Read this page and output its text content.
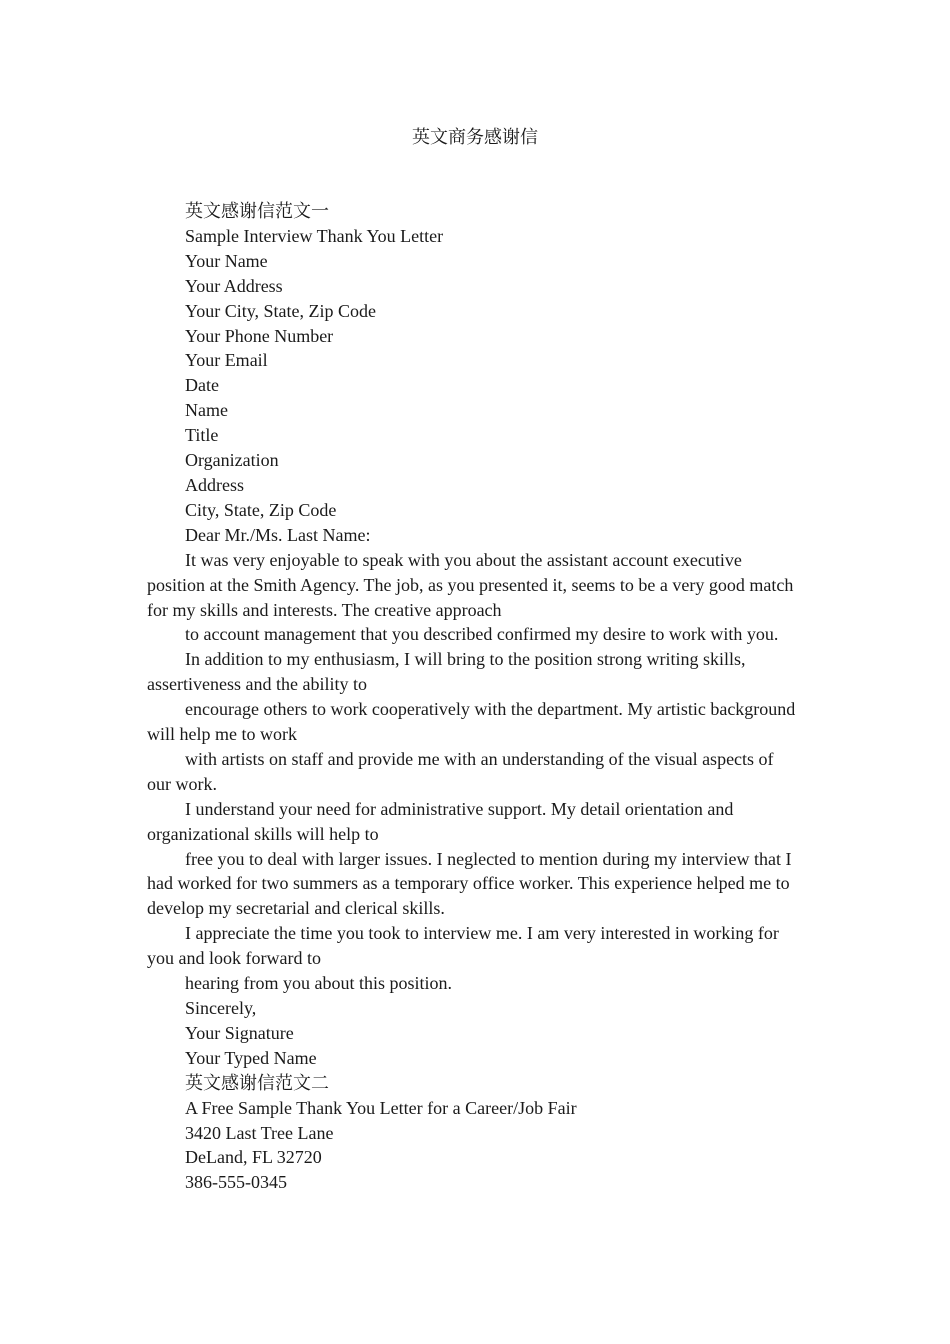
英文商务感谢信

英文感谢信范文一

Sample Interview Thank You Letter

Your Name

Your Address

Your City, State, Zip Code

Your Phone Number

Your Email

Date

Name

Title

Organization

Address

City, State, Zip Code

Dear Mr./Ms. Last Name:

It was very enjoyable to speak with you about the assistant account executive position at the Smith Agency. The job, as you presented it, seems to be a very good match for my skills and interests. The creative approach

to account management that you described confirmed my desire to work with you.

In addition to my enthusiasm, I will bring to the position strong writing skills, assertiveness and the ability to

encourage others to work cooperatively with the department. My artistic background will help me to work

with artists on staff and provide me with an understanding of the visual aspects of our work.

I understand your need for administrative support. My detail orientation and organizational skills will help to

free you to deal with larger issues. I neglected to mention during my interview that I had worked for two summers as a temporary office worker. This experience helped me to develop my secretarial and clerical skills.

I appreciate the time you took to interview me. I am very interested in working for you and look forward to

hearing from you about this position.

Sincerely,

Your Signature

Your Typed Name

英文感谢信范文二

A Free Sample Thank You Letter for a Career/Job Fair

3420 Last Tree Lane

DeLand, FL 32720

386-555-0345
